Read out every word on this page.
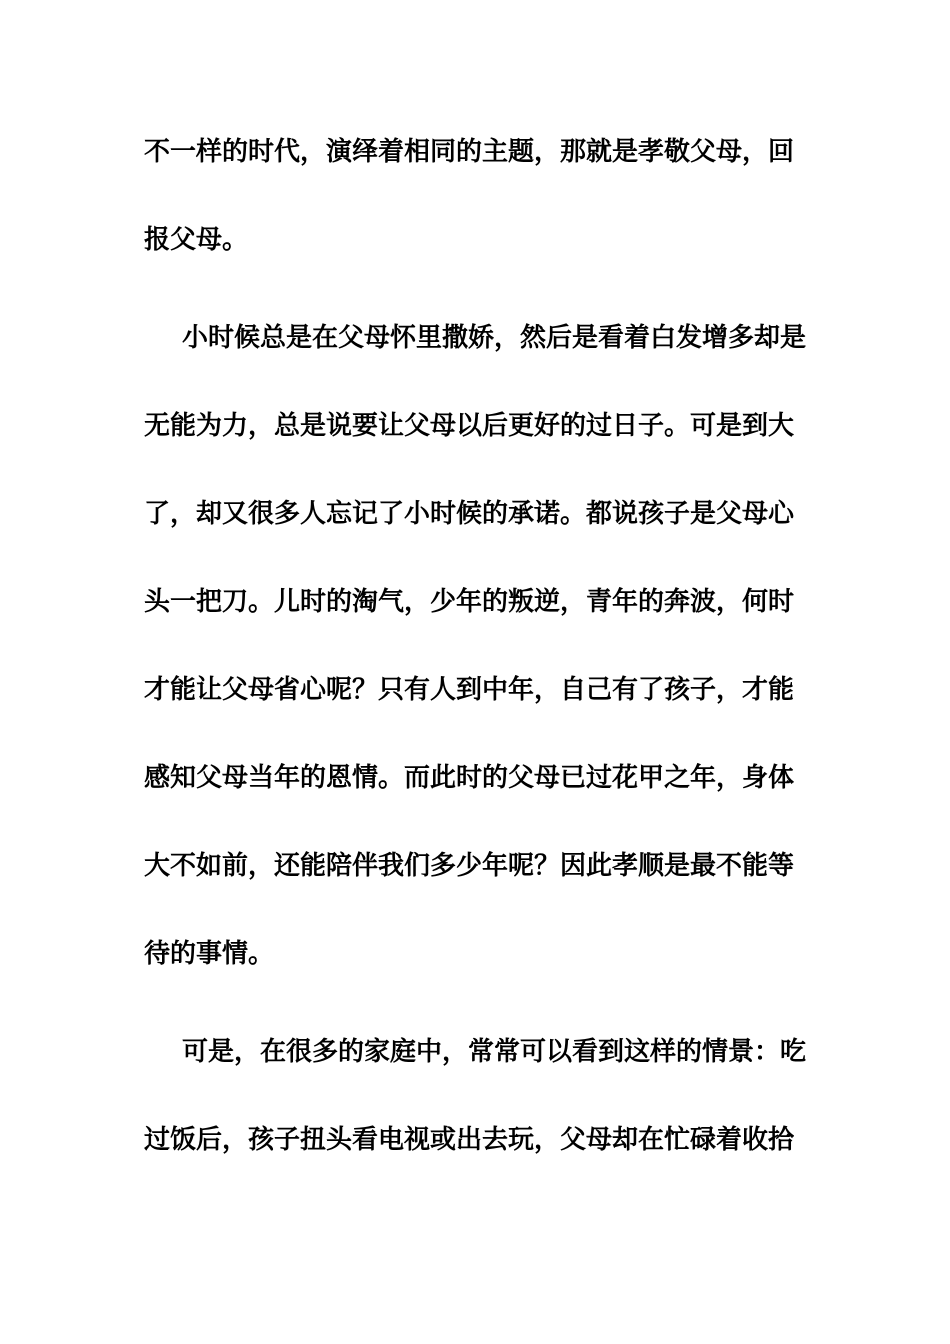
不一样的时代，演绎着相同的主题，那就是孝敬父母，回
报父母。
小时候总是在父母怀里撒娇，然后是看着白发增多却是
无能为力，总是说要让父母以后更好的过日子。可是到大
了，却又很多人忘记了小时候的承诺。都说孩子是父母心
头一把刀。儿时的淘气，少年的叛逆，青年的奔波，何时
才能让父母省心呢？只有人到中年，自己有了孩子，才能
感知父母当年的恩情。而此时的父母已过花甲之年，身体
大不如前，还能陪伴我们多少年呢？因此孝顺是最不能等
待的事情。
可是，在很多的家庭中，常常可以看到这样的情景：吃
过饭后，孩子扭头看电视或出去玩，父母却在忙碌着收拾
